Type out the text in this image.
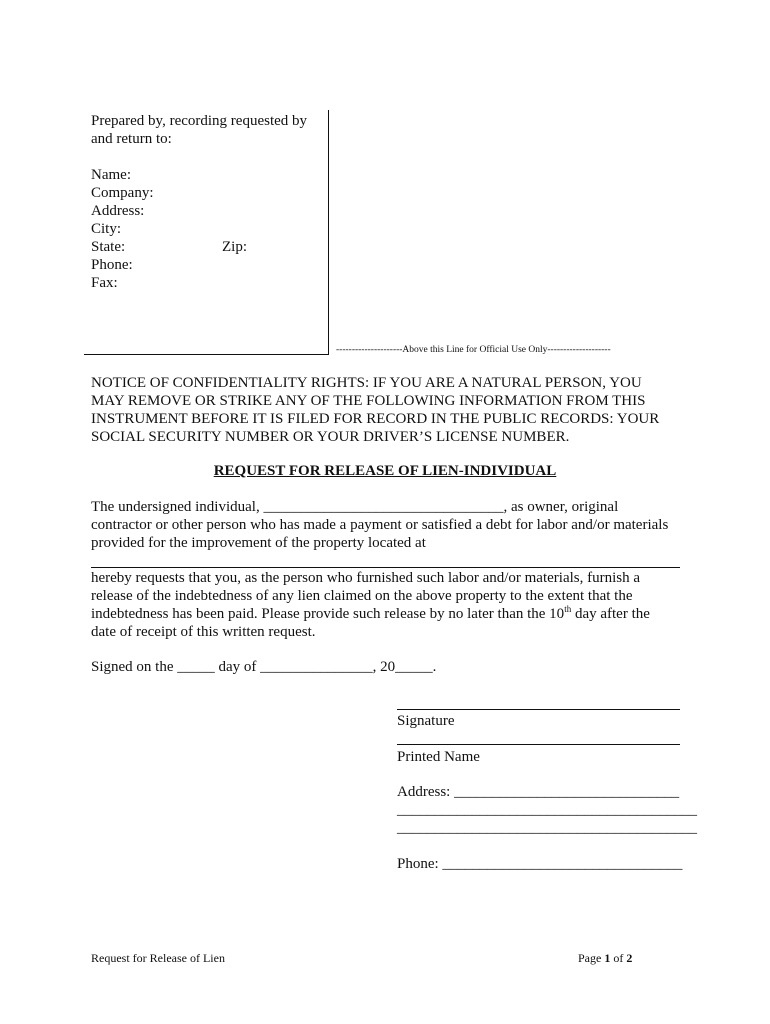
Prepared by, recording requested by

and return to:

Name:

Company:

Address:

City:

State:	Zip:

Phone:

Fax:

---------------------Above this Line for Official Use Only--------------------
NOTICE OF CONFIDENTIALITY RIGHTS: IF YOU ARE A NATURAL PERSON, YOU
MAY REMOVE OR STRIKE ANY OF THE FOLLOWING INFORMATION FROM THIS
INSTRUMENT BEFORE IT IS FILED FOR RECORD IN THE PUBLIC RECORDS: YOUR
SOCIAL SECURITY NUMBER OR YOUR DRIVER’S LICENSE NUMBER.
REQUEST FOR RELEASE OF LIEN-INDIVIDUAL
The undersigned individual, ________________________________, as owner, original
contractor or other person who has made a payment or satisfied a debt for labor and/or materials
provided for the improvement of the property located at
hereby requests that you, as the person who furnished such labor and/or materials, furnish a
release of the indebtedness of any lien claimed on the above property to the extent that the
indebtedness has been paid. Please provide such release by no later than the 10th day after the
date of receipt of this written request.
Signed on the _____ day of _______________, 20_____.
Signature
Printed Name
Address: ______________________________
________________________________________
________________________________________
Phone: ________________________________
Request for Release of Lien	Page 1 of 2
